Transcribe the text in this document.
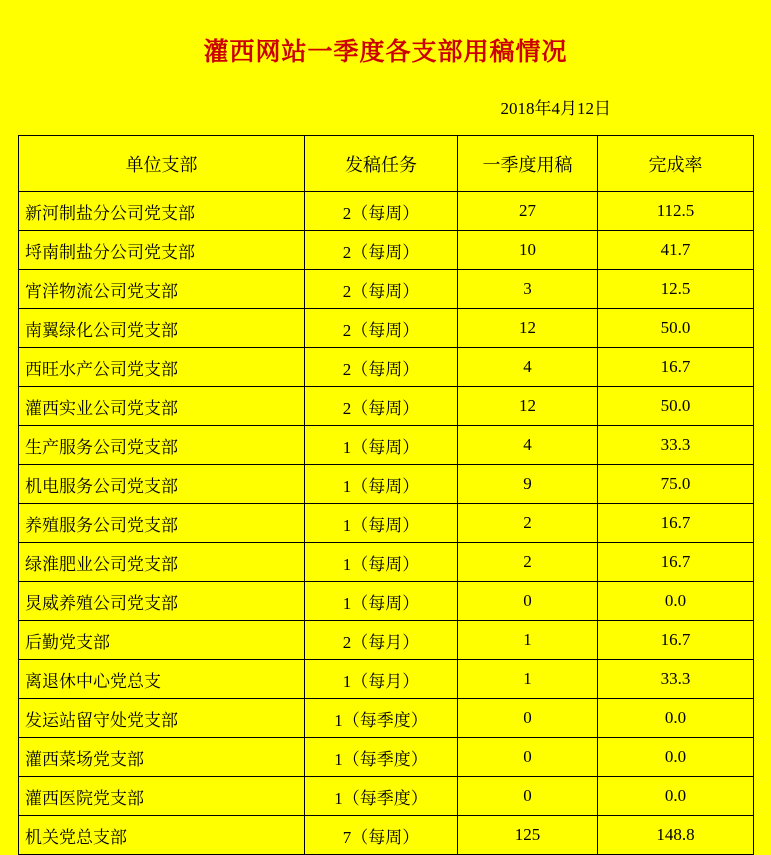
灌西网站一季度各支部用稿情况
2018年4月12日
单位支部	发稿任务	一季度用稿	完成率
新河制盐分公司党支部	2（每周）	27	112.5
埒南制盐分公司党支部	2（每周）	10	41.7
宵洋物流公司党支部	2（每周）	3	12.5
南翼绿化公司党支部	2（每周）	12	50.0
西旺水产公司党支部	2（每周）	4	16.7
灌西实业公司党支部	2（每周）	12	50.0
生产服务公司党支部	1（每周）	4	33.3
机电服务公司党支部	1（每周）	9	75.0
养殖服务公司党支部	1（每周）	2	16.7
绿淮肥业公司党支部	1（每周）	2	16.7
炅威养殖公司党支部	1（每周）	0	0.0
后勤党支部	2（每月）	1	16.7
离退休中心党总支	1（每月）	1	33.3
发运站留守处党支部	1（每季度）	0	0.0
灌西菜场党支部	1（每季度）	0	0.0
灌西医院党支部	1（每季度）	0	0.0
机关党总支部	7（每周）	125	148.8
